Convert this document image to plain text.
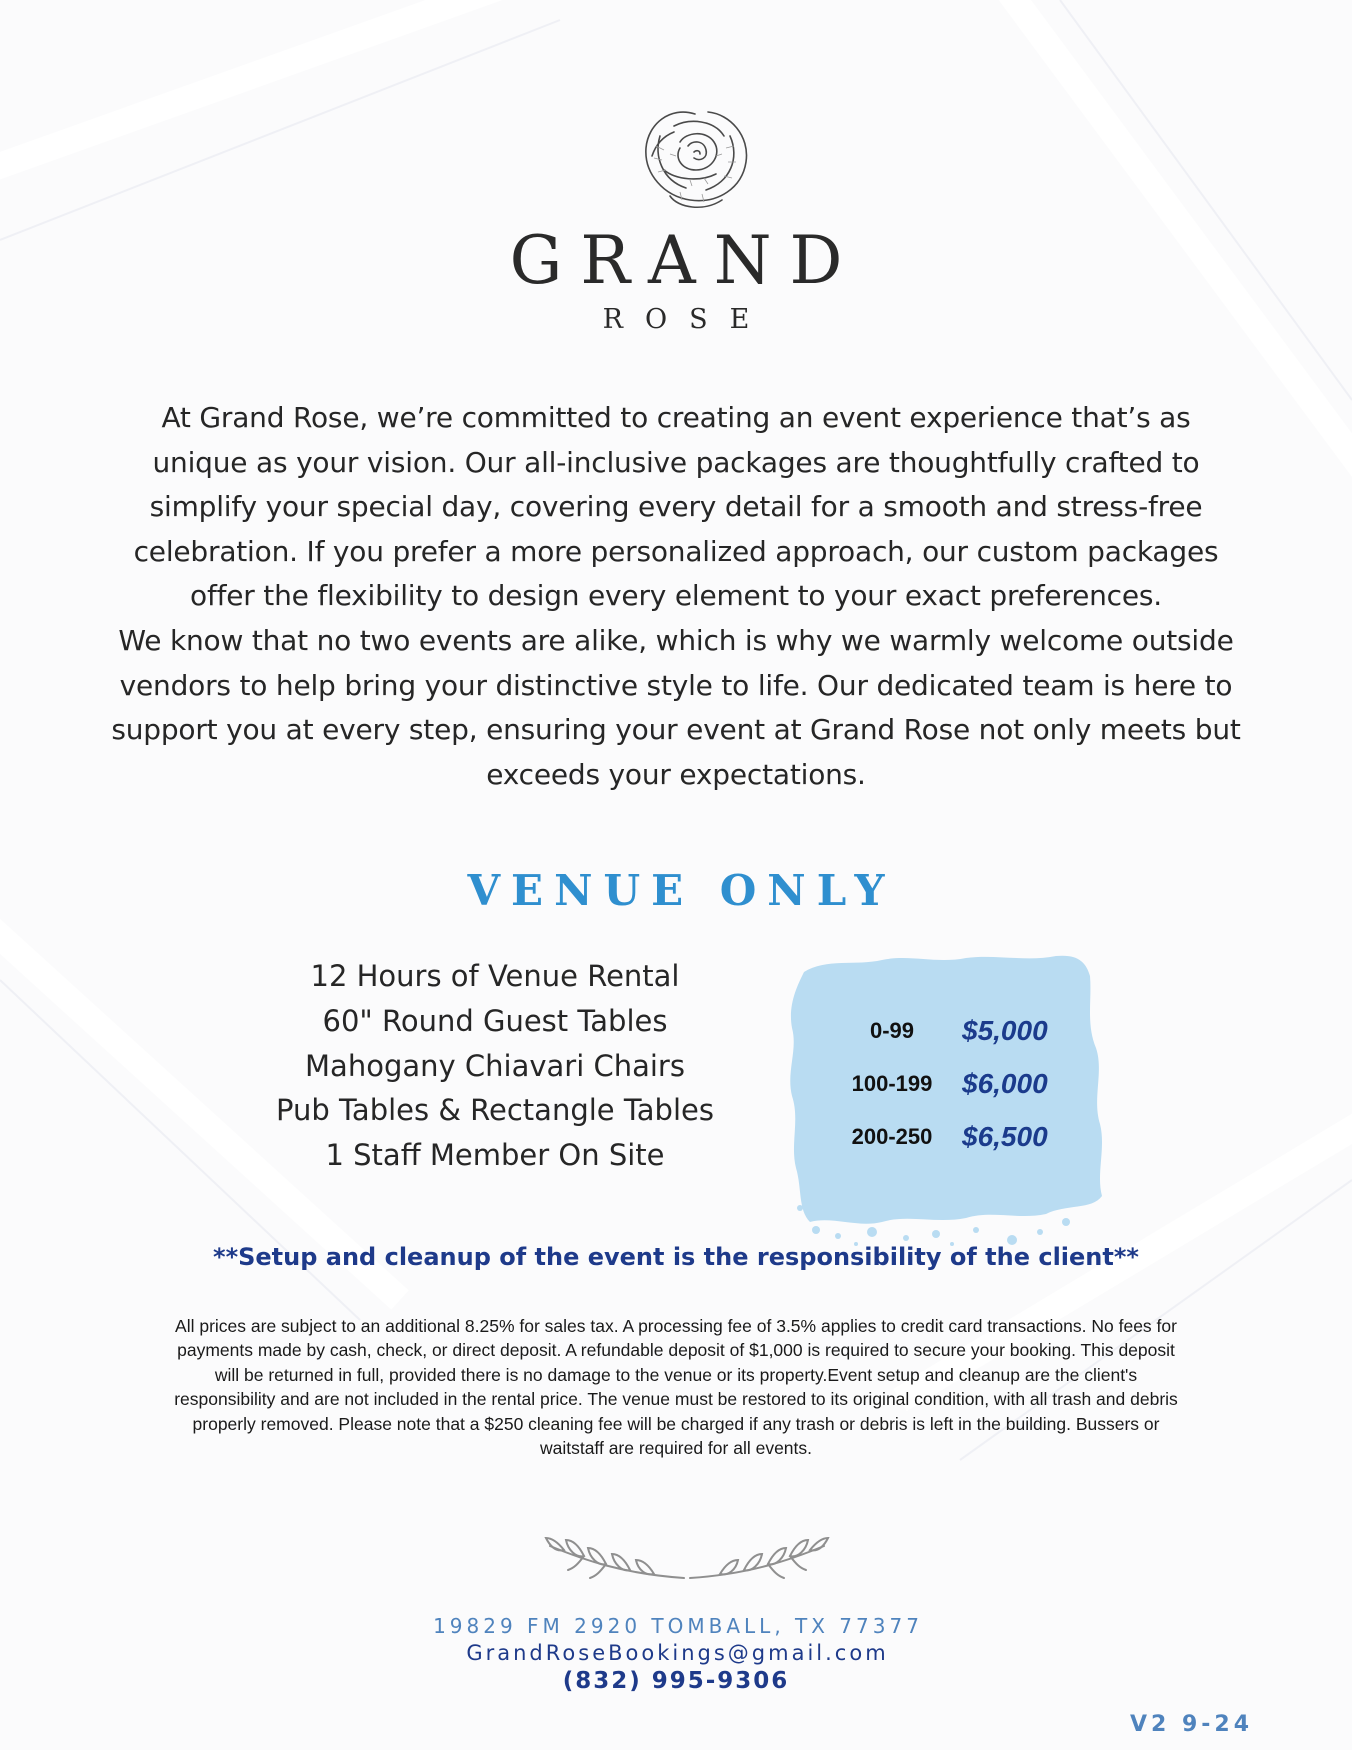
GRAND
ROSE

At Grand Rose, we’re committed to creating an event experience that’s as unique as your vision. Our all-inclusive packages are thoughtfully crafted to simplify your special day, covering every detail for a smooth and stress-free celebration. If you prefer a more personalized approach, our custom packages offer the flexibility to design every element to your exact preferences.

We know that no two events are alike, which is why we warmly welcome outside vendors to help bring your distinctive style to life. Our dedicated team is here to support you at every step, ensuring your event at Grand Rose not only meets but exceeds your expectations.

VENUE ONLY
12 Hours of Venue Rental
60" Round Guest Tables
Mahogany Chiavari Chairs
Pub Tables & Rectangle Tables
1 Staff Member On Site
0-99	$5,000
100-199	$6,000
200-250	$6,500
**Setup and cleanup of the event is the responsibility of the client**
All prices are subject to an additional 8.25% for sales tax. A processing fee of 3.5% applies to credit card transactions. No fees for payments made by cash, check, or direct deposit. A refundable deposit of $1,000 is required to secure your booking. This deposit will be returned in full, provided there is no damage to the venue or its property.Event setup and cleanup are the client's responsibility and are not included in the rental price. The venue must be restored to its original condition, with all trash and debris properly removed. Please note that a $250 cleaning fee will be charged if any trash or debris is left in the building. Bussers or waitstaff are required for all events.
19829 FM 2920 TOMBALL, TX 77377
GrandRoseBookings@gmail.com
(832) 995-9306
V2 9-24
